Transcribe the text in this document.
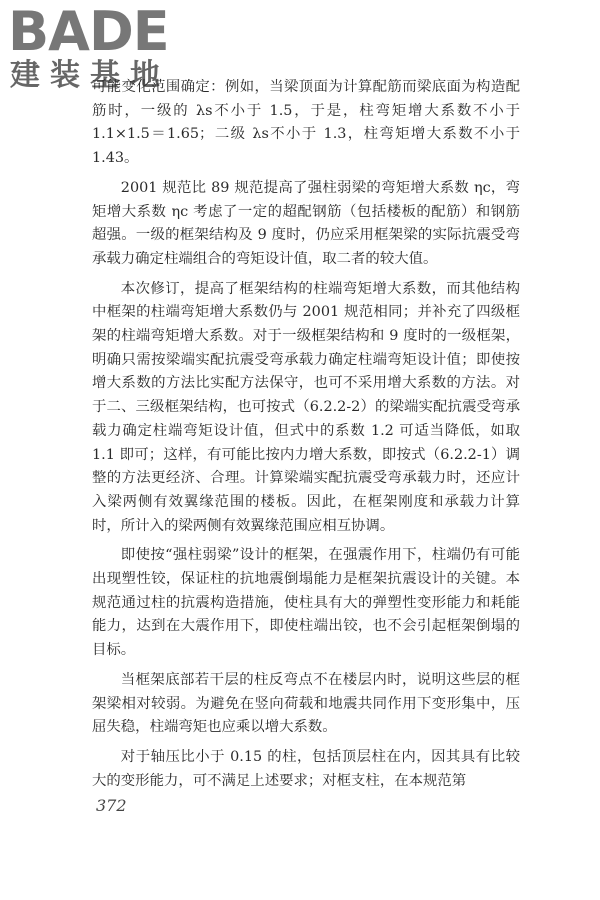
BADE
建装基地

可能变化范围确定：例如，当梁顶面为计算配筋而梁底面为构造配筋时，一级的 λs不小于 1.5，于是，柱弯矩增大系数不小于 1.1×1.5＝1.65；二级 λs不小于 1.3，柱弯矩增大系数不小于 1.43。

2001 规范比 89 规范提高了强柱弱梁的弯矩增大系数 ηc，弯矩增大系数 ηc 考虑了一定的超配钢筋（包括楼板的配筋）和钢筋超强。一级的框架结构及 9 度时，仍应采用框架梁的实际抗震受弯承载力确定柱端组合的弯矩设计值，取二者的较大值。

本次修订，提高了框架结构的柱端弯矩增大系数，而其他结构中框架的柱端弯矩增大系数仍与 2001 规范相同；并补充了四级框架的柱端弯矩增大系数。对于一级框架结构和 9 度时的一级框架，明确只需按梁端实配抗震受弯承载力确定柱端弯矩设计值；即使按增大系数的方法比实配方法保守，也可不采用增大系数的方法。对于二、三级框架结构，也可按式（6.2.2-2）的梁端实配抗震受弯承载力确定柱端弯矩设计值，但式中的系数 1.2 可适当降低，如取 1.1 即可；这样，有可能比按内力增大系数，即按式（6.2.2-1）调整的方法更经济、合理。计算梁端实配抗震受弯承载力时，还应计入梁两侧有效翼缘范围的楼板。因此，在框架刚度和承载力计算时，所计入的梁两侧有效翼缘范围应相互协调。

即使按“强柱弱梁”设计的框架，在强震作用下，柱端仍有可能出现塑性铰，保证柱的抗地震倒塌能力是框架抗震设计的关键。本规范通过柱的抗震构造措施，使柱具有大的弹塑性变形能力和耗能能力，达到在大震作用下，即使柱端出铰，也不会引起框架倒塌的目标。

当框架底部若干层的柱反弯点不在楼层内时，说明这些层的框架梁相对较弱。为避免在竖向荷载和地震共同作用下变形集中，压屈失稳，柱端弯矩也应乘以增大系数。

对于轴压比小于 0.15 的柱，包括顶层柱在内，因其具有比较大的变形能力，可不满足上述要求；对框支柱，在本规范第

372
